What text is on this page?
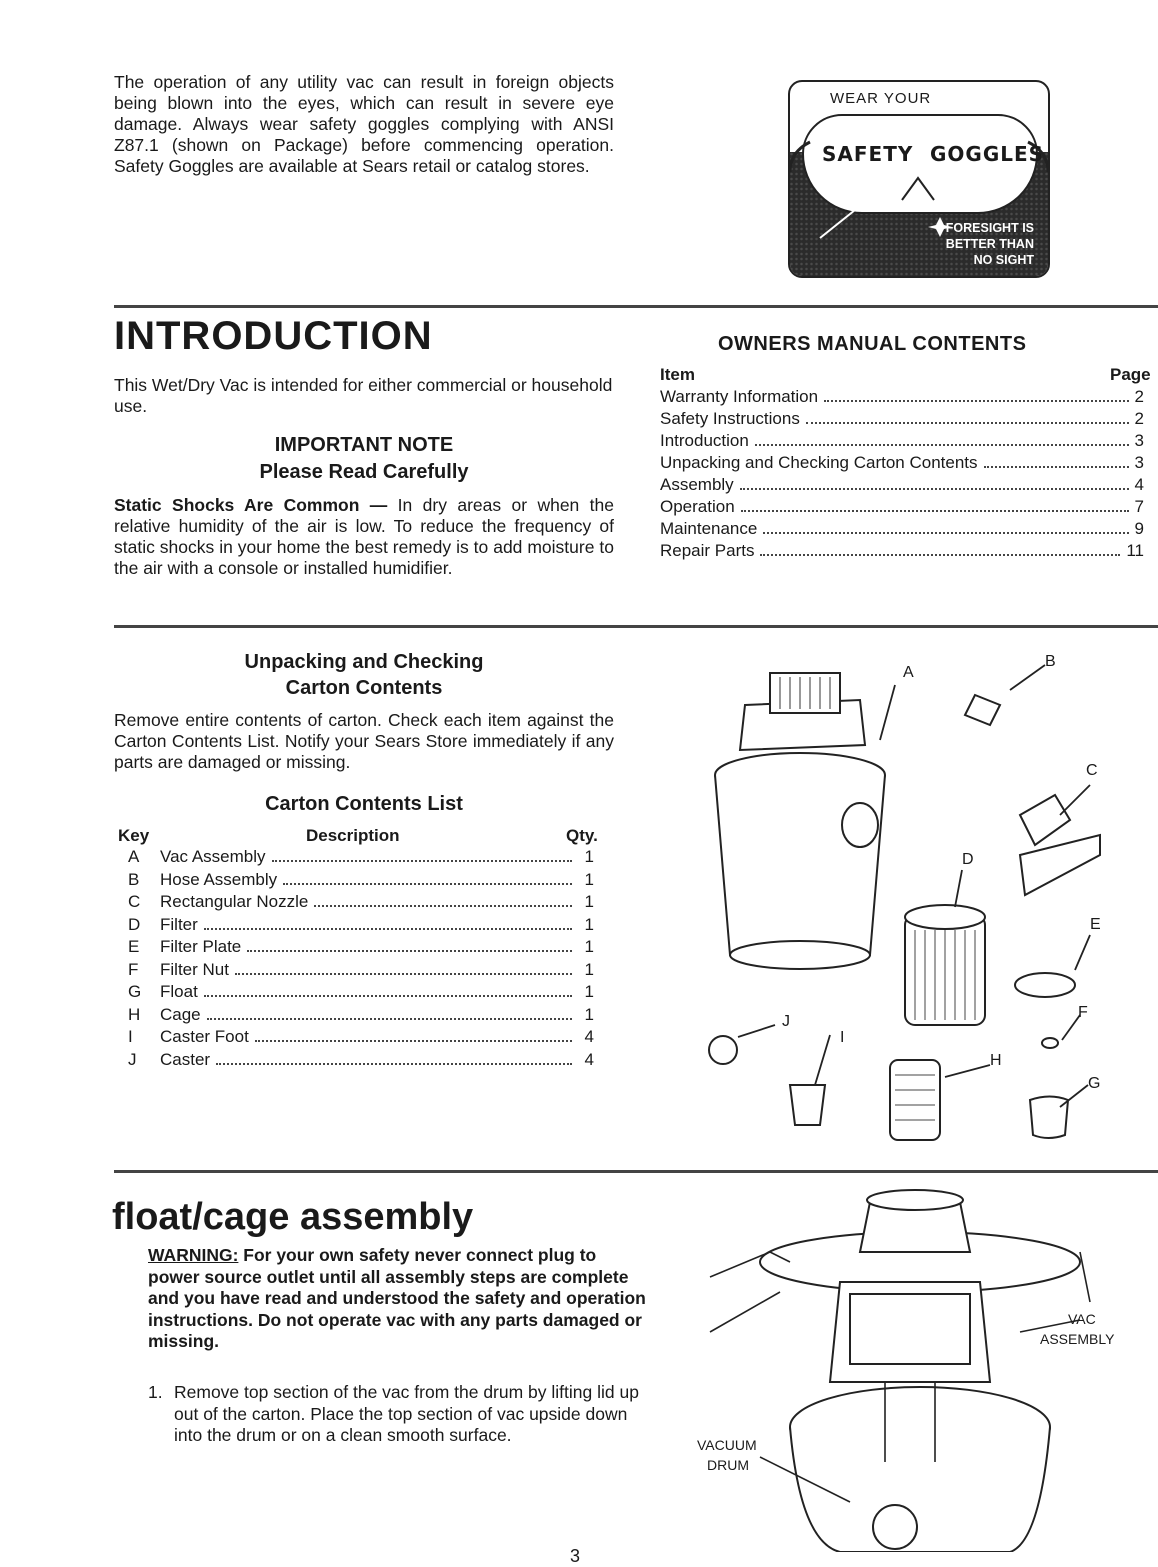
The operation of any utility vac can result in foreign objects being blown into the eyes, which can result in severe eye damage. Always wear safety goggles complying with ANSI Z87.1 (shown on Package) before commencing operation. Safety Goggles are available at Sears retail or catalog stores.
WEAR YOUR
SAFETY GOGGLES
FORESIGHT IS BETTER THAN NO SIGHT
INTRODUCTION
This Wet/Dry Vac is intended for either commercial or household use.
IMPORTANT NOTE
Please Read Carefully
Static Shocks Are Common — In dry areas or when the relative humidity of the air is low. To reduce the frequency of static shocks in your home the best remedy is to add moisture to the air with a console or installed humidifier.
OWNERS MANUAL CONTENTS
Item	Page
Warranty Information	2
Safety Instructions	2
Introduction	3
Unpacking and Checking Carton Contents	3
Assembly	4
Operation	7
Maintenance	9
Repair Parts	11
Unpacking and Checking
Carton Contents
Remove entire contents of carton. Check each item against the Carton Contents List. Notify your Sears Store immediately if any parts are damaged or missing.
Carton Contents List
Key	Description	Qty.
A	Vac Assembly	1
B	Hose Assembly	1
C	Rectangular Nozzle	1
D	Filter	1
E	Filter Plate	1
F	Filter Nut	1
G	Float	1
H	Cage	1
I	Caster Foot	4
J	Caster	4
A
B
C
D
E
F
G
H
I
J
float/cage assembly
WARNING: For your own safety never connect plug to power source outlet until all assembly steps are complete and you have read and understood the safety and operation instructions. Do not operate vac with any parts damaged or missing.
1. Remove top section of the vac from the drum by lifting lid up out of the carton. Place the top section of vac upside down into the drum or on a clean smooth surface.
VAC
ASSEMBLY
VACUUM
DRUM
3
